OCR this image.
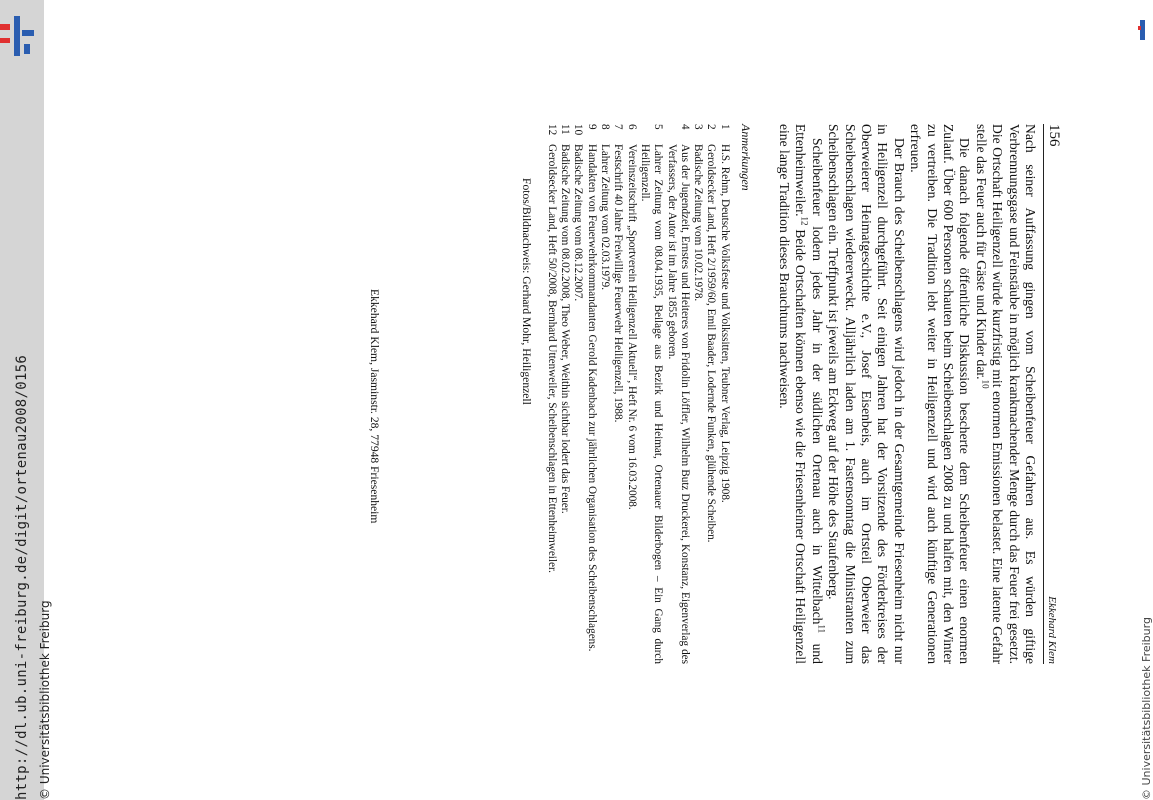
http://dl.ub.uni-freiburg.de/digit/ortenau2008/0156 © Universitätsbibliothek Freiburg	© Universitätsbibliothek Freiburg
156
Ekkehard Klem

Nach seiner Auffassung gingen vom Scheibenfeuer Gefahren aus. Es würden giftige Verbrennungsgase und Feinstäube in möglich krankmachender Menge durch das Feuer frei gesetzt. Die Ortschaft Heiligenzell würde kurzfristig mit enormen Emissionen belastet. Eine latente Gefahr stelle das Feuer auch für Gäste und Kinder dar.$^{10}$

Die danach folgende öffentliche Diskussion bescherte dem Scheibenfeuer einen enormen Zulauf. Über 600 Personen schauten beim Scheibenschlagen 2008 zu und halfen mit, den Winter zu vertreiben. Die Tradition lebt weiter in Heiligenzell und wird auch künftige Generationen erfreuen.

Der Brauch des Scheibenschlagens wird jedoch in der Gesamtgemeinde Friesenheim nicht nur in Heiligenzell durchgeführt. Seit einigen Jahren hat der Vorsitzende des Förderkreises der Oberweierer Heimatgeschichte e.V., Josef Eisenbeis, auch im Ortsteil Oberweier das Scheibenschlagen wiedererweckt. Alljährlich laden am 1. Fastensonntag die Ministranten zum Scheibenschlagen ein. Treffpunkt ist jeweils am Eckweg auf der Höhe des Staufenberg.

Scheibenfeuer lodern jedes Jahr in der südlichen Ortenau auch in Wittelbach$^{11}$ und Ettenheimweiler.$^{12}$ Beide Ortschaften können ebenso wie die Friesenheimer Ortschaft Heiligenzell eine lange Tradition dieses Brauchtums nachweisen.

Anmerkungen
1
H.S. Rehm, Deutsche Volksfeste und Volkssitten, Teubner Verlag, Leipzig 1908.
2
Geroldsecker Land, Heft 2/1959/60, Emil Baader, Lodernde Funken, glühende Scheiben.
3
Badische Zeitung vom 10.02.1978.
4
Aus der Jugendzeit, Ernstes und Heiteres von Fridolin Löffler, Wilhelm Butz Druckerei, Konstanz, Eigenverlag des Verfassers, der Autor ist im Jahre 1855 geboren.
5
Lahrer Zeitung vom 08.04.1935, Beilage aus Bezirk und Heimat, Ortenauer Bilderbogen – Ein Gang durch Heiligenzell.
6
Vereinszeitschrift „Sportverein Heiligenzell Aktuell“, Heft Nr. 6 vom 16.03.2008.
7
Festschrift 40 Jahre Freiwillige Feuerwehr Heiligenzell, 1988.
8
Lahrer Zeitung vom 02.03.1979.
9
Handakten von Feuerwehrkommandanten Gerold Kadenbach zur jährlichen Organisation des Scheibenschlagens.
10
Badische Zeitung vom 08.12.2007.
11
Badische Zeitung vom 08.02.2008, Theo Weber, Weithin sichtbar lodert das Feuer.
12
Geroldsecker Land, Heft 50/2008, Bernhard Uttenweiler, Scheibenschlagen in Ettenheimweiler.
Fotos/Bildnachweis: Gerhard Mohr, Heiligenzell
Ekkehard Klem, Jasminstr. 28, 77948 Friesenheim
